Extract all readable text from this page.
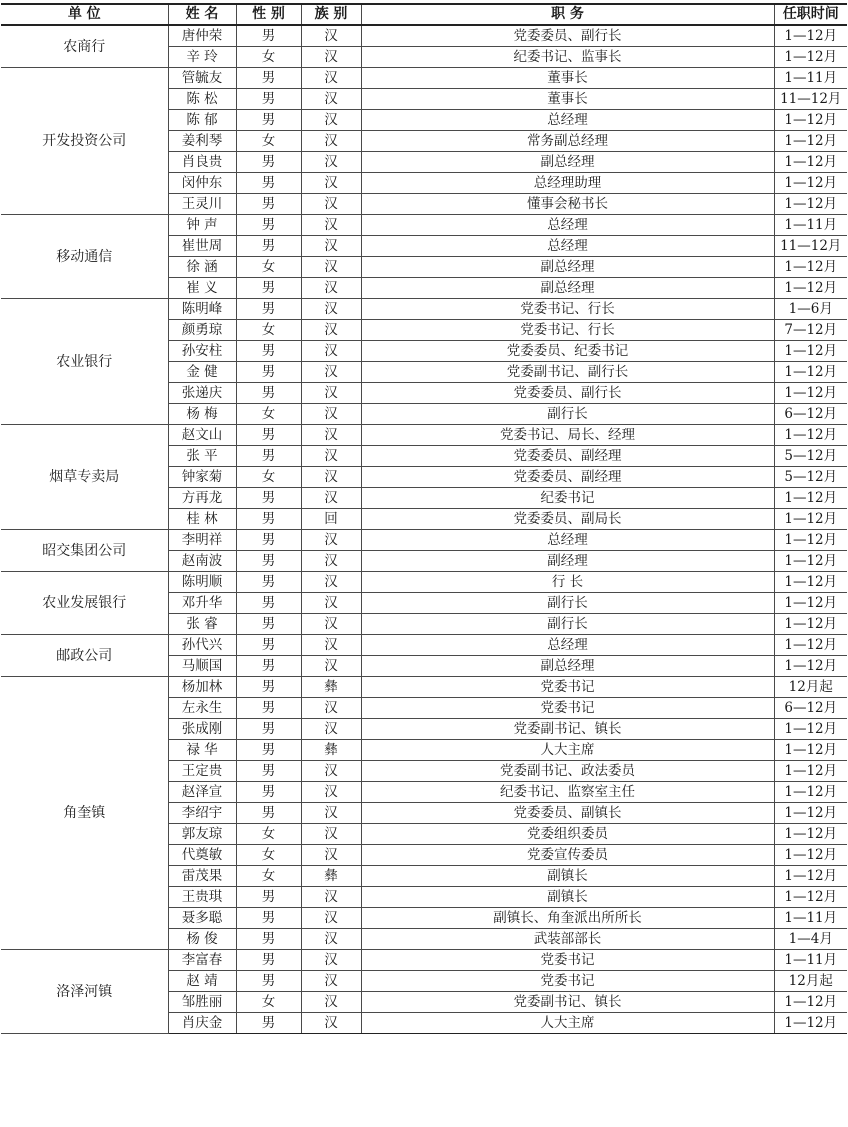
单 位	姓 名	性 别	族 别	职 务	任职时间
农商行	唐仲荣	男	汉	党委委员、副行长	1—12月
	辛 玲	女	汉	纪委书记、监事长	1—12月
开发投资公司	管毓友	男	汉	董事长	1—11月
	陈 松	男	汉	董事长	11—12月
	陈 郁	男	汉	总经理	1—12月
	姜利琴	女	汉	常务副总经理	1—12月
	肖良贵	男	汉	副总经理	1—12月
	闵仲东	男	汉	总经理助理	1—12月
	王灵川	男	汉	懂事会秘书长	1—12月
移动通信	钟 声	男	汉	总经理	1—11月
	崔世周	男	汉	总经理	11—12月
	徐 涵	女	汉	副总经理	1—12月
	崔 义	男	汉	副总经理	1—12月
农业银行	陈明峰	男	汉	党委书记、行长	1—6月
	颜勇琼	女	汉	党委书记、行长	7—12月
	孙安柱	男	汉	党委委员、纪委书记	1—12月
	金 健	男	汉	党委副书记、副行长	1—12月
	张递庆	男	汉	党委委员、副行长	1—12月
	杨 梅	女	汉	副行长	6—12月
烟草专卖局	赵文山	男	汉	党委书记、局长、经理	1—12月
	张 平	男	汉	党委委员、副经理	5—12月
	钟家菊	女	汉	党委委员、副经理	5—12月
	方再龙	男	汉	纪委书记	1—12月
	桂 林	男	回	党委委员、副局长	1—12月
昭交集团公司	李明祥	男	汉	总经理	1—12月
	赵南波	男	汉	副经理	1—12月
农业发展银行	陈明顺	男	汉	行 长	1—12月
	邓升华	男	汉	副行长	1—12月
	张 睿	男	汉	副行长	1—12月
邮政公司	孙代兴	男	汉	总经理	1—12月
	马顺国	男	汉	副总经理	1—12月
角奎镇	杨加林	男	彝	党委书记	12月起
	左永生	男	汉	党委书记	6—12月
	张成刚	男	汉	党委副书记、镇长	1—12月
	禄 华	男	彝	人大主席	1—12月
	王定贵	男	汉	党委副书记、政法委员	1—12月
	赵泽宣	男	汉	纪委书记、监察室主任	1—12月
	李绍宇	男	汉	党委委员、副镇长	1—12月
	郭友琼	女	汉	党委组织委员	1—12月
	代奠敏	女	汉	党委宣传委员	1—12月
	雷茂果	女	彝	副镇长	1—12月
	王贵琪	男	汉	副镇长	1—12月
	聂多聪	男	汉	副镇长、角奎派出所所长	1—11月
	杨 俊	男	汉	武装部部长	1—4月
洛泽河镇	李富春	男	汉	党委书记	1—11月
	赵 靖	男	汉	党委书记	12月起
	邹胜丽	女	汉	党委副书记、镇长	1—12月
	肖庆金	男	汉	人大主席	1—12月
